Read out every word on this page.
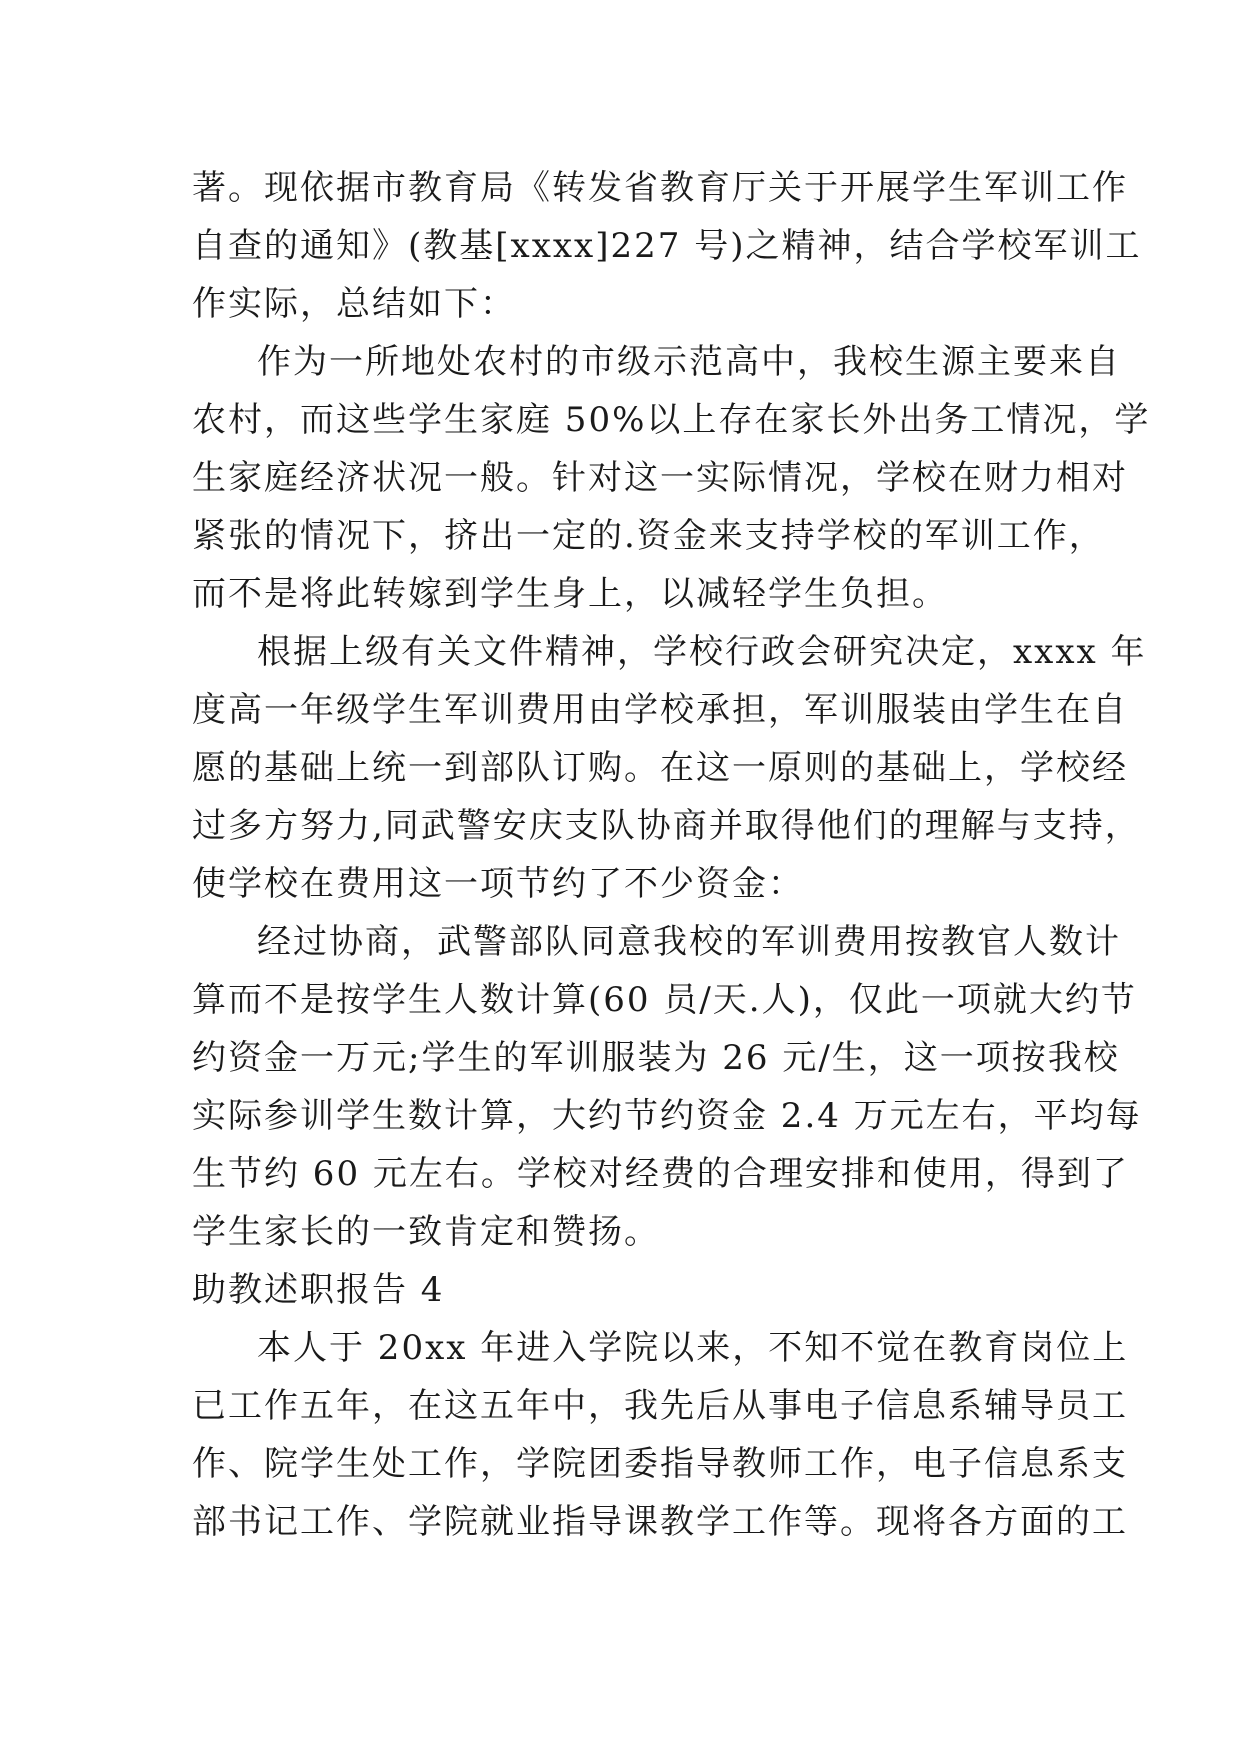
著。现依据市教育局《转发省教育厅关于开展学生军训工作
自查的通知》(教基[xxxx]227 号)之精神，结合学校军训工
作实际，总结如下：
作为一所地处农村的市级示范高中，我校生源主要来自
农村，而这些学生家庭 50%以上存在家长外出务工情况，学
生家庭经济状况一般。针对这一实际情况，学校在财力相对
紧张的情况下，挤出一定的.资金来支持学校的军训工作，
而不是将此转嫁到学生身上，以减轻学生负担。
根据上级有关文件精神，学校行政会研究决定，xxxx 年
度高一年级学生军训费用由学校承担，军训服装由学生在自
愿的基础上统一到部队订购。在这一原则的基础上，学校经
过多方努力,同武警安庆支队协商并取得他们的理解与支持，
使学校在费用这一项节约了不少资金：
经过协商，武警部队同意我校的军训费用按教官人数计
算而不是按学生人数计算(60 员/天.人)，仅此一项就大约节
约资金一万元;学生的军训服装为 26 元/生，这一项按我校
实际参训学生数计算，大约节约资金 2.4 万元左右，平均每
生节约 60 元左右。学校对经费的合理安排和使用，得到了
学生家长的一致肯定和赞扬。
助教述职报告 4
本人于 20xx 年进入学院以来，不知不觉在教育岗位上
已工作五年，在这五年中，我先后从事电子信息系辅导员工
作、院学生处工作，学院团委指导教师工作，电子信息系支
部书记工作、学院就业指导课教学工作等。现将各方面的工
